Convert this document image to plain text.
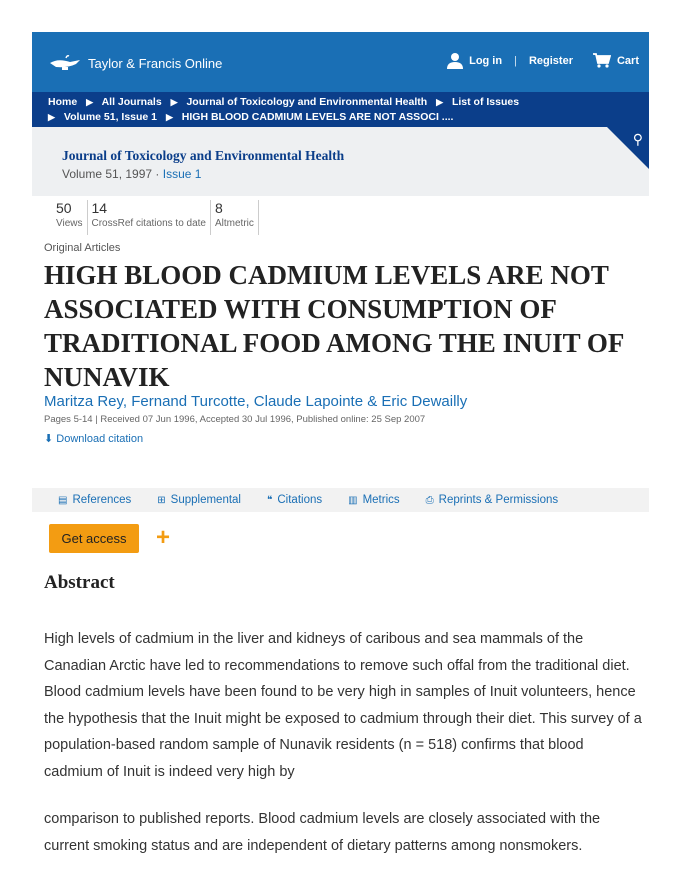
Taylor & Francis Online	Log in | Register	Cart
Home ▶ All Journals ▶ Journal of Toxicology and Environmental Health ▶ List of Issues
▶ Volume 51, Issue 1 ▶ HIGH BLOOD CADMIUM LEVELS ARE NOT ASSOCI ....
Journal of Toxicology and Environmental Health
Volume 51, 1997 · Issue 1
⚲
50
Views
14
CrossRef citations to date
8
Altmetric
Original Articles
HIGH BLOOD CADMIUM LEVELS ARE NOT ASSOCIATED WITH CONSUMPTION OF TRADITIONAL FOOD AMONG THE INUIT OF NUNAVIK
Maritza Rey, Fernand Turcotte, Claude Lapointe & Eric Dewailly
Pages 5-14 | Received 07 Jun 1996, Accepted 30 Jul 1996, Published online: 25 Sep 2007
⬇ Download citation
▤ References	⊞ Supplemental	❝ Citations	▥ Metrics	⎙ Reprints & Permissions
Get access	+
Abstract

High levels of cadmium in the liver and kidneys of caribous and sea mammals of the Canadian Arctic have led to recommendations to remove such offal from the traditional diet. Blood cadmium levels have been found to be very high in samples of Inuit volunteers, hence the hypothesis that the Inuit might be exposed to cadmium through their diet. This survey of a population-based random sample of Nunavik residents (n = 518) confirms that blood cadmium of Inuit is indeed very high by

comparison to published reports. Blood cadmium levels are closely associated with the current smoking status and are independent of dietary patterns among nonsmokers.
